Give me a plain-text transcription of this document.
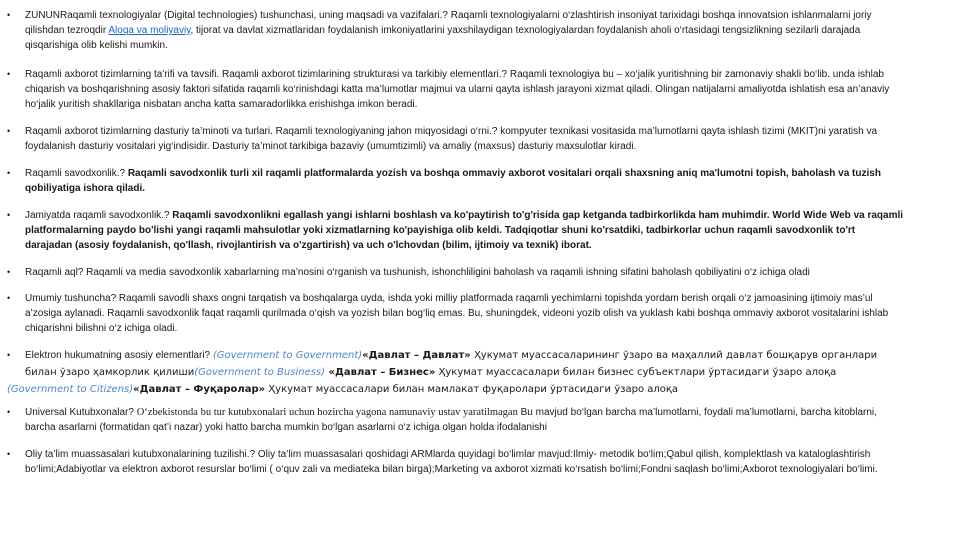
• ZUNUNRaqamli texnologiyalar (Digital technologies) tushunchasi, uning maqsadi va vazifalari.? Raqamli texnologiyalarni o‘zlashtirish insoniyat tarixidagi boshqa innovatsion ishlanmalarni joriy qilishdan tezroqdir Aloqa va moliyaviy, tijorat va davlat xizmatlaridan foydalanish imkoniyatlarini yaxshilaydigan texnologiyalardan foydalanish aholi o‘rtasidagi tengsizlikning sezilarli darajada qisqarishiga olib kelishi mumkin.
• Raqamli axborot tizimlarning ta'rifi va tavsifi. Raqamli axborot tizimlarining strukturasi va tarkibiy elementlari.? Raqamli texnologiya bu – xo‘jalik yuritishning bir zamonaviy shakli bo‘lib. unda ishlab chiqarish va boshqarishning asosiy faktori sifatida raqamli ko‘rinishdagi katta ma’lumotlar majmui va ularni qayta ishlash jarayoni xizmat qiladi. Olingan natijalarni amaliyotda ishlatish esa an’anaviy ho‘jalik yuritish shakllariga nisbatan ancha katta samaradorlikka erishishga imkon beradi.
• Raqamli axborot tizimlarning dasturiy ta’minoti va turlari. Raqamli texnologiyaning jahon miqyosidagi o‘rni.? kompyuter texnikasi vositasida ma’lumotlarni qayta ishlash tizimi (MKIT)ni yaratish va foydalanish dasturiy vositalari yig‘indisidir. Dasturiy ta’minot tarkibiga bazaviy (umumtizimli) va amaliy (maxsus) dasturiy maxsulotlar kiradi.
• Raqamli savodxonlik.? Raqamli savodxonlik turli xil raqamli platformalarda yozish va boshqa ommaviy axborot vositalari orqali shaxsning aniq ma'lumotni topish, baholash va tuzish qobiliyatiga ishora qiladi.
• Jamiyatda raqamli savodxonlik.? Raqamli savodxonlikni egallash yangi ishlarni boshlash va ko'paytirish to'g'risida gap ketganda tadbirkorlikda ham muhimdir. World Wide Web va raqamli platformalarning paydo bo'lishi yangi raqamli mahsulotlar yoki xizmatlarning ko'payishiga olib keldi. Tadqiqotlar shuni ko'rsatdiki, tadbirkorlar uchun raqamli savodxonlik to'rt darajadan (asosiy foydalanish, qo'llash, rivojlantirish va o'zgartirish) va uch o'lchovdan (bilim, ijtimoiy va texnik) iborat.
• Raqamli aql? Raqamli va media savodxonlik xabarlarning ma’nosini o‘rganish va tushunish, ishonchliligini baholash va raqamli ishning sifatini baholash qobiliyatini o‘z ichiga oladi
• Umumiy tushuncha? Raqamli savodli shaxs ongni tarqatish va boshqalarga uyda, ishda yoki milliy platformada raqamli yechimlarni topishda yordam berish orqali o‘z jamoasining ijtimoiy mas’ul a’zosiga aylanadi. Raqamli savodxonlik faqat raqamli qurilmada o‘qish va yozish bilan bog‘liq emas. Bu, shuningdek, videoni yozib olish va yuklash kabi boshqa ommaviy axborot vositalarini ishlab chiqarishni bilishni o‘z ichiga oladi.
• Elektron hukumatning asosiy elementlari? (Government to Government)«Давлат – Давлат» Ҳукумат муассасаларининг ўзаро ва маҳаллий давлат бошқарув органлари билан ўзаро ҳамкорлик қилиши(Government to Business) «Давлат – Бизнес» Ҳукумат муассасалари билан бизнес субъектлари ўртасидаги ўзаро алоқа
(Government to Citizens)«Давлат – Фуқаролар» Ҳукумат муассасалари билан мамлакат фуқаролари ўртасидаги ўзаро алоқа
• Universal Kutubxonalar? O‘zbekistonda bu tur kutubxonalari uchun hozircha yagona namunaviy ustav yaratilmagan Bu mavjud bo‘lgan barcha ma’lumotlarni, foydali ma’lumotlarni, barcha kitoblarni, barcha asarlarni (formatidan qat’i nazar) yoki hatto barcha mumkin bo‘lgan asarlarni o‘z ichiga olgan holda ifodalanishi
• Oliy ta’lim muassasalari kutubxonalarining tuzilishi.? Oliy ta’lim muassasalari qoshidagi ARMlarda quyidagi bo‘limlar mavjud:Ilmiy- metodik bo‘lim;Qabul qilish, komplektlash va kataloglashtirish bo‘limi;Adabiyotlar va elektron axborot resurslar bo‘limi ( o‘quv zali va mediateka bilan birga);Marketing va axborot xizmati ko‘rsatish bo‘limi;Fondni saqlash bo‘limi;Axborot texnologiyalari bo‘limi.
